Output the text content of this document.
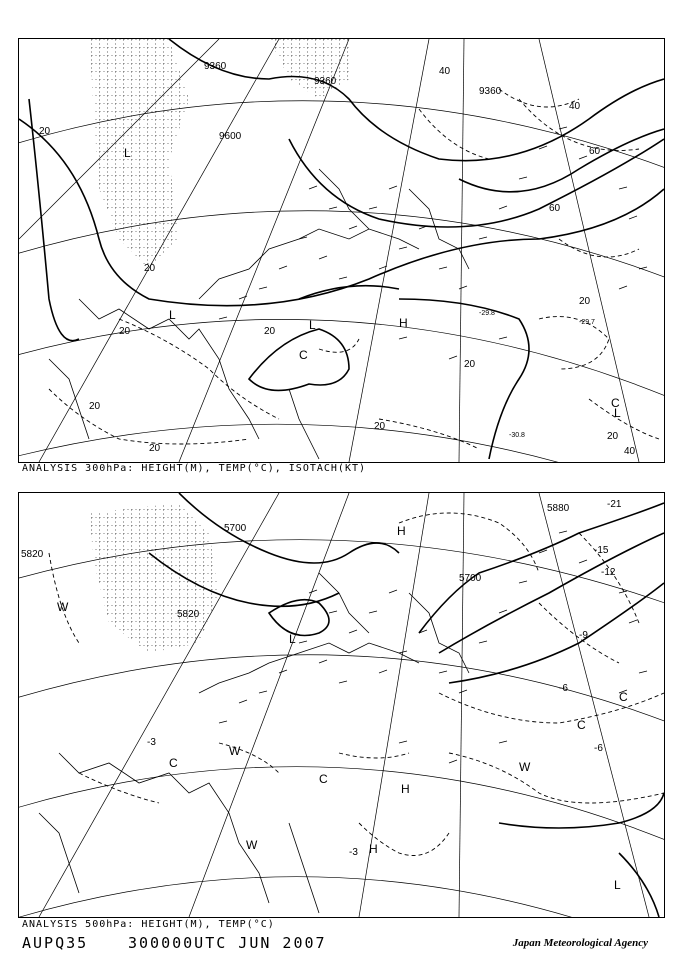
9360
9360
9360
9600
20
20
20
20
20
20
20
20
20
40
40
40
60
60
20
L
L
L	H
C
C
L
-29.8
-30.8
-29.7
ANALYSIS 300hPa: HEIGHT(M), TEMP(°C), ISOTACH(KT)
5700
5700
5820
5820
5880	-21
-15
-12
-9
-6
-6
-3
-3
H
H
H
L
L
W
W
W
W
C
C
C
C
ANALYSIS 500hPa: HEIGHT(M), TEMP(°C)
AUPQ35	300000UTC JUN 2007	Japan Meteorological Agency
